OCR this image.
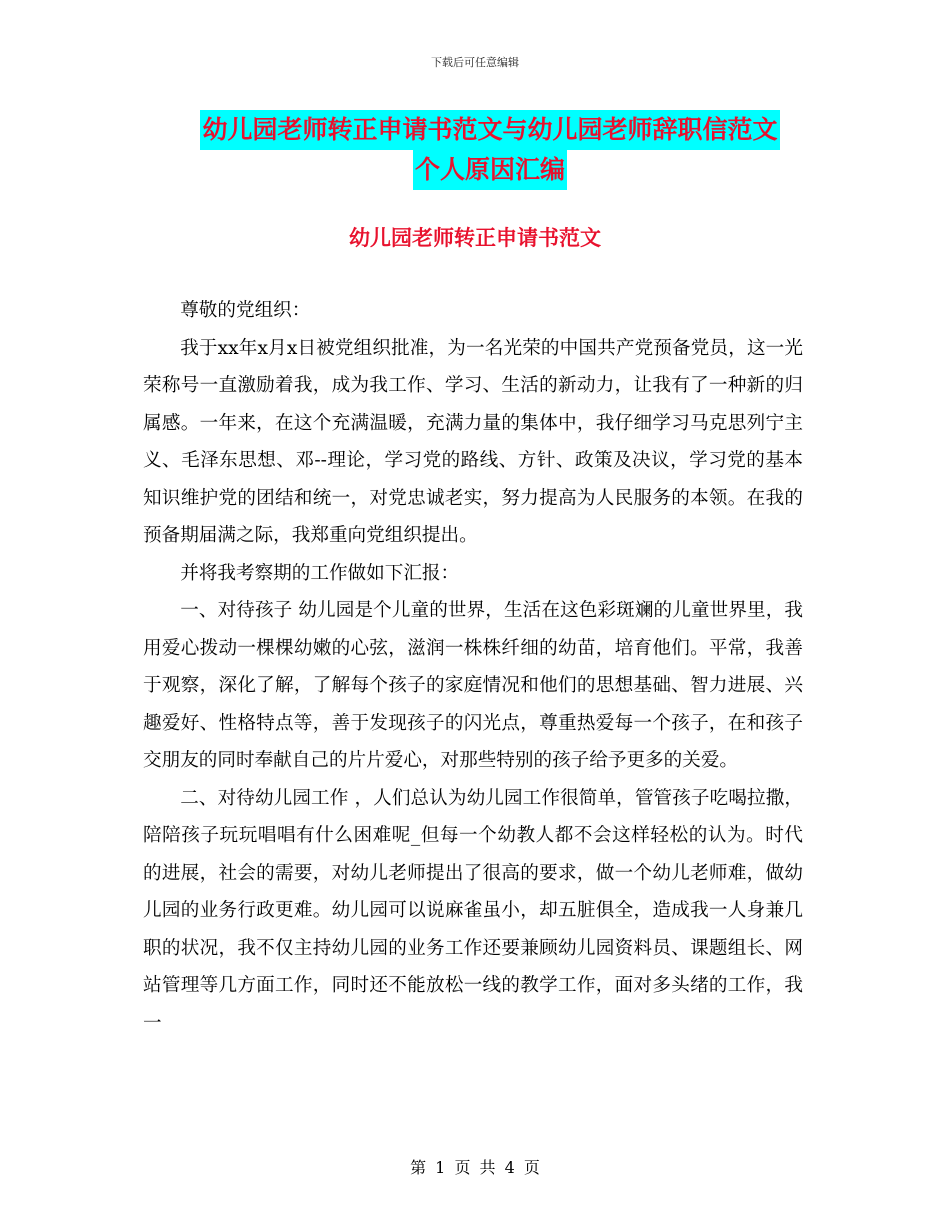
下载后可任意编辑
幼儿园老师转正申请书范文与幼儿园老师辞职信范文
个人原因汇编
幼儿园老师转正申请书范文

尊敬的党组织：

我于xx年x月x日被党组织批准，为一名光荣的中国共产党预备党员，这一光荣称号一直激励着我，成为我工作、学习、生活的新动力，让我有了一种新的归属感。一年来，在这个充满温暖，充满力量的集体中，我仔细学习马克思列宁主义、毛泽东思想、邓--理论，学习党的路线、方针、政策及决议，学习党的基本知识维护党的团结和统一，对党忠诚老实，努力提高为人民服务的本领。在我的预备期届满之际，我郑重向党组织提出。

并将我考察期的工作做如下汇报：

一、对待孩子 幼儿园是个儿童的世界，生活在这色彩斑斓的儿童世界里，我用爱心拨动一棵棵幼嫩的心弦，滋润一株株纤细的幼苗，培育他们。平常，我善于观察，深化了解，了解每个孩子的家庭情况和他们的思想基础、智力进展、兴趣爱好、性格特点等，善于发现孩子的闪光点，尊重热爱每一个孩子，在和孩子交朋友的同时奉献自己的片片爱心，对那些特别的孩子给予更多的关爱。

二、对待幼儿园工作 ，人们总认为幼儿园工作很简单，管管孩子吃喝拉撒，陪陪孩子玩玩唱唱有什么困难呢_但每一个幼教人都不会这样轻松的认为。时代的进展，社会的需要，对幼儿老师提出了很高的要求，做一个幼儿老师难，做幼儿园的业务行政更难。幼儿园可以说麻雀虽小，却五脏俱全，造成我一人身兼几职的状况，我不仅主持幼儿园的业务工作还要兼顾幼儿园资料员、课题组长、网站管理等几方面工作，同时还不能放松一线的教学工作，面对多头绪的工作，我一

第 1 页 共 4 页
